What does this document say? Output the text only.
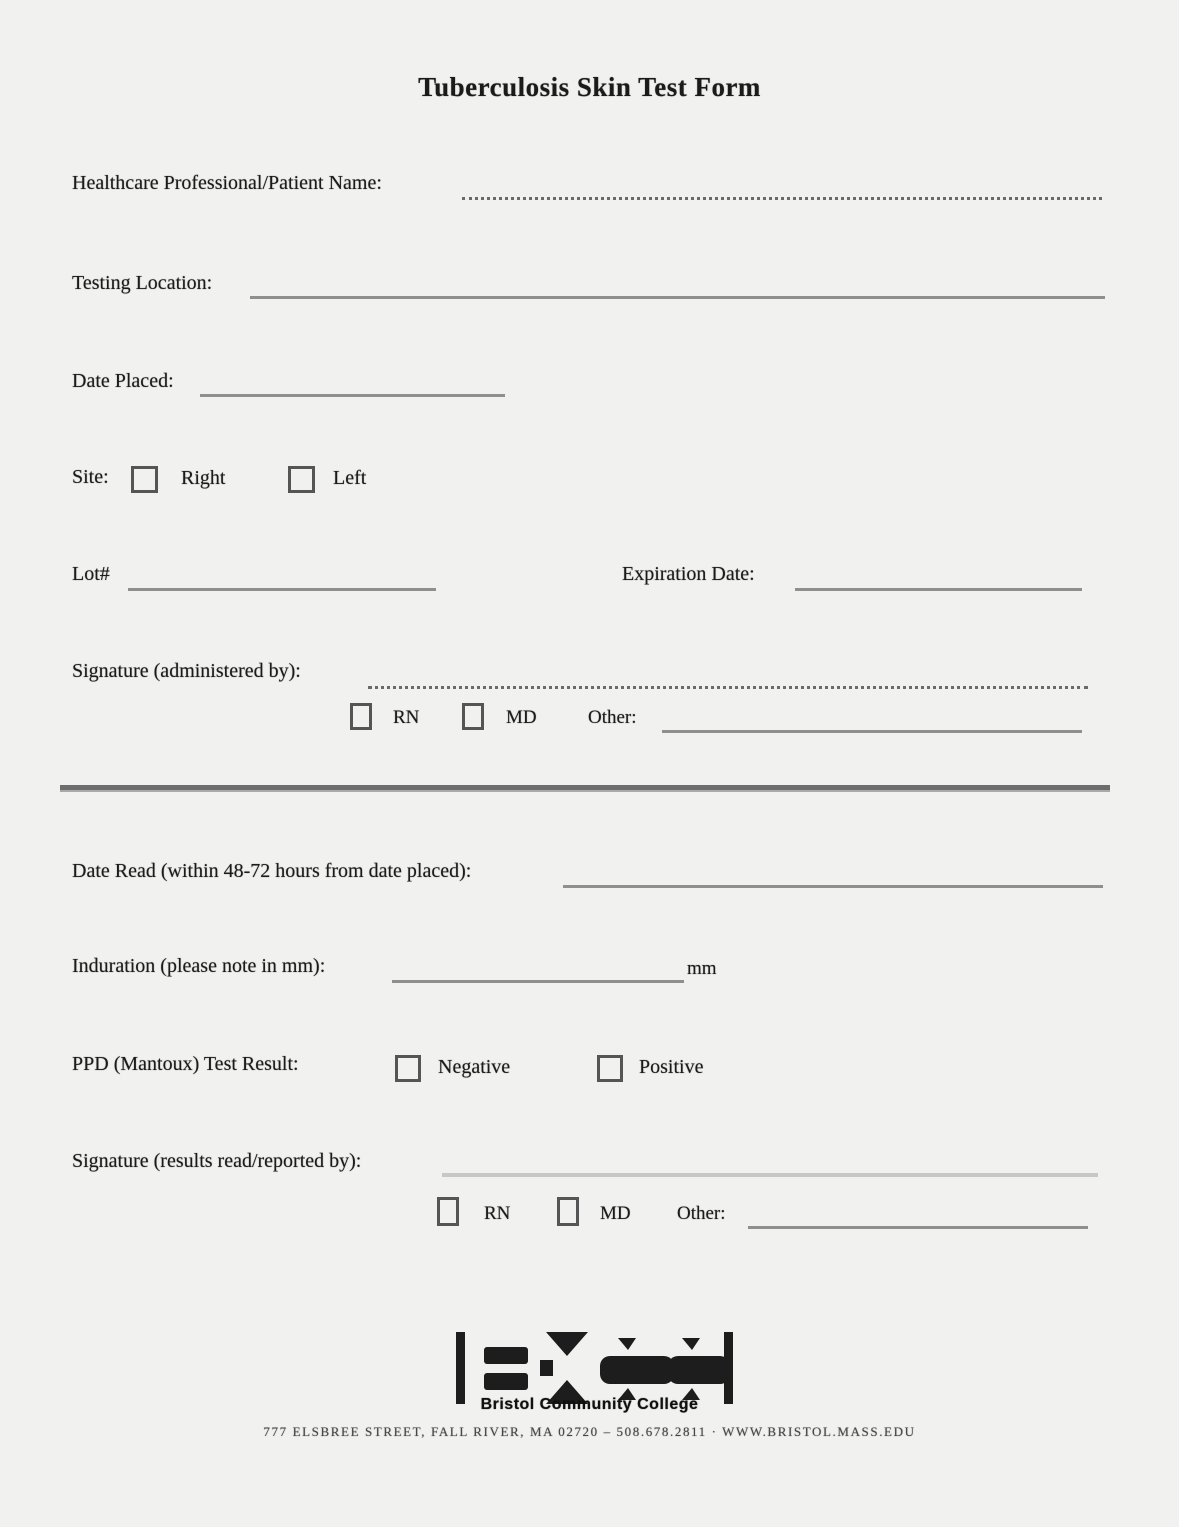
Tuberculosis Skin Test Form
Healthcare Professional/Patient Name:
Testing Location:
Date Placed:
Site:	Right	Left
Lot#	Expiration Date:
Signature (administered by):
RN	MD	Other:
Date Read (within 48-72 hours from date placed):
Induration (please note in mm):	mm
PPD (Mantoux) Test Result:	Negative	Positive
Signature (results read/reported by):
RN	MD Other:
Bristol Community College
777 ELSBREE STREET, FALL RIVER, MA 02720 – 508.678.2811 · WWW.BRISTOL.MASS.EDU
